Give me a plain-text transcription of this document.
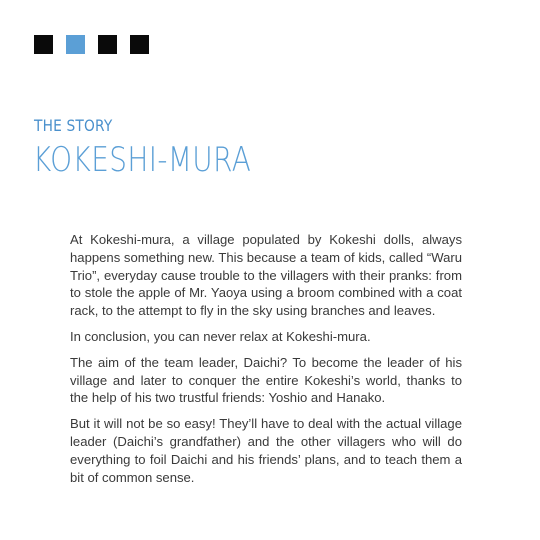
THE STORY
KOKESHI-MURA

At Kokeshi-mura, a village populated by Kokeshi dolls, always happens something new. This because a team of kids, called “Waru Trio”, everyday cause trouble to the villagers with their pranks: from to stole the apple of Mr. Yaoya using a broom combined with a coat rack, to the attempt to fly in the sky using branches and leaves.

In conclusion, you can never relax at Kokeshi-mura.

The aim of the team leader, Daichi? To become the leader of his village and later to conquer the entire Kokeshi’s world, thanks to the help of his two trustful friends: Yoshio and Hanako.

But it will not be so easy! They’ll have to deal with the actual village leader (Daichi’s grandfather) and the other villagers who will do everything to foil Daichi and his friends’ plans, and to teach them a bit of common sense.
